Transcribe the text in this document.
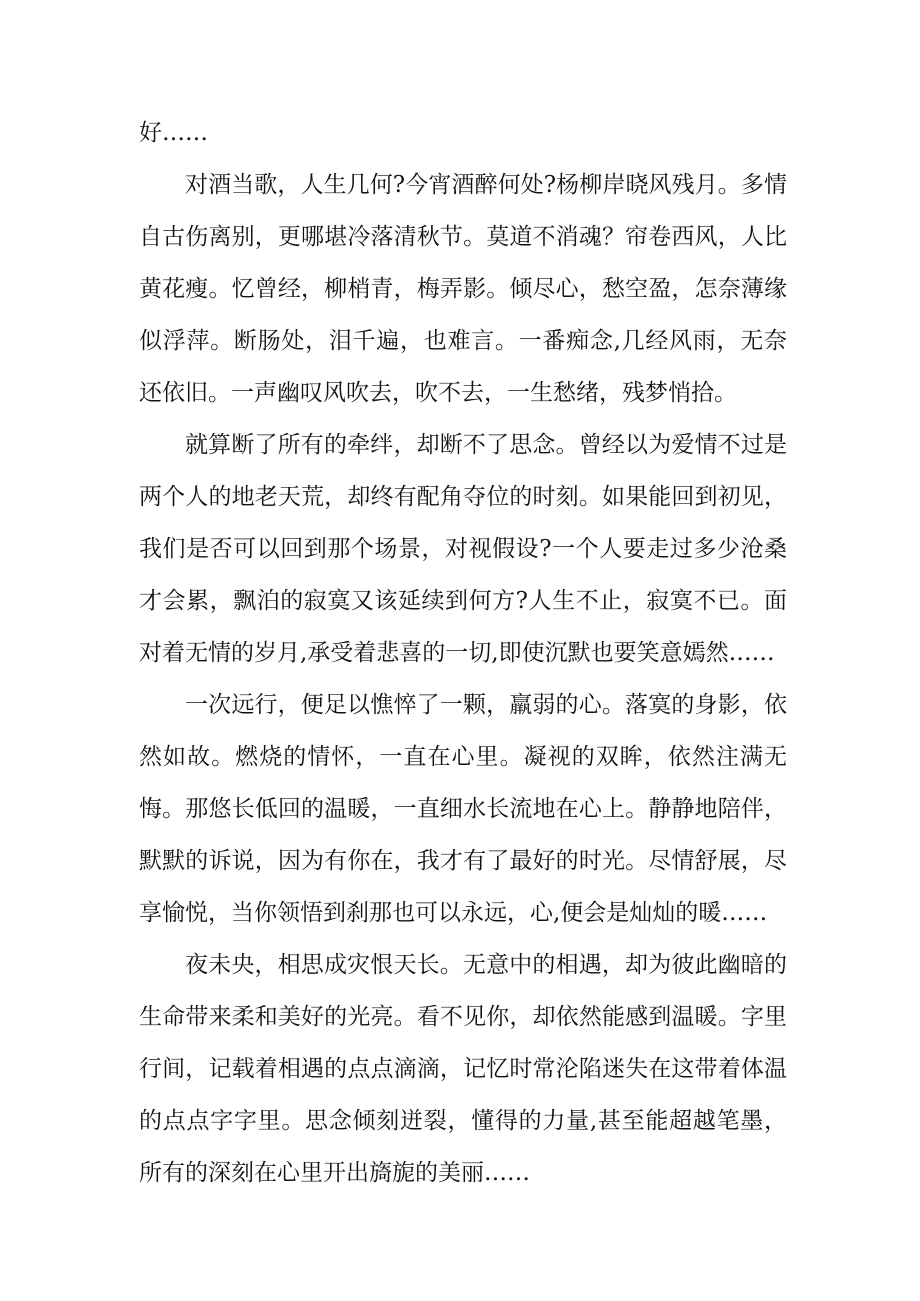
好……

对酒当歌，人生几何?今宵酒醉何处?杨柳岸晓风残月。多情自古伤离别，更哪堪冷落清秋节。莫道不消魂？帘卷西风，人比黄花瘦。忆曾经，柳梢青，梅弄影。倾尽心，愁空盈，怎奈薄缘似浮萍。断肠处，泪千遍，也难言。一番痴念,几经风雨，无奈还依旧。一声幽叹风吹去，吹不去，一生愁绪，残梦悄拾。

就算断了所有的牵绊，却断不了思念。曾经以为爱情不过是两个人的地老天荒，却终有配角夺位的时刻。如果能回到初见，我们是否可以回到那个场景，对视假设?一个人要走过多少沧桑才会累，飘泊的寂寞又该延续到何方?人生不止，寂寞不已。面对着无情的岁月,承受着悲喜的一切,即使沉默也要笑意嫣然……

一次远行，便足以憔悴了一颗，羸弱的心。落寞的身影，依然如故。燃烧的情怀，一直在心里。凝视的双眸，依然注满无悔。那悠长低回的温暖，一直细水长流地在心上。静静地陪伴，默默的诉说，因为有你在，我才有了最好的时光。尽情舒展，尽享愉悦，当你领悟到刹那也可以永远，心,便会是灿灿的暖……

夜未央，相思成灾恨天长。无意中的相遇，却为彼此幽暗的生命带来柔和美好的光亮。看不见你，却依然能感到温暖。字里行间，记载着相遇的点点滴滴，记忆时常沦陷迷失在这带着体温的点点字字里。思念倾刻迸裂，懂得的力量,甚至能超越笔墨，所有的深刻在心里开出旖旎的美丽……
